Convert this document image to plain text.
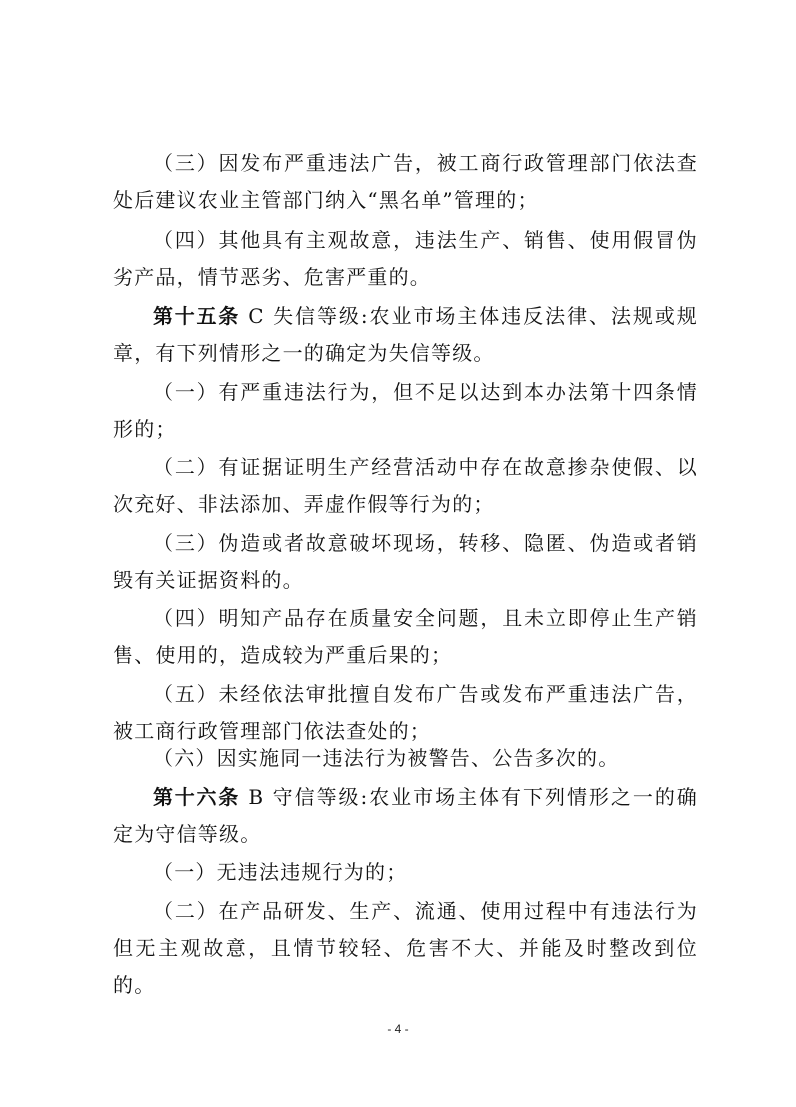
（三）因发布严重违法广告，被工商行政管理部门依法查处后建议农业主管部门纳入“黑名单”管理的；

（四）其他具有主观故意，违法生产、销售、使用假冒伪劣产品，情节恶劣、危害严重的。

第十五条 C 失信等级:农业市场主体违反法律、法规或规章，有下列情形之一的确定为失信等级。

（一）有严重违法行为，但不足以达到本办法第十四条情形的；

（二）有证据证明生产经营活动中存在故意掺杂使假、以次充好、非法添加、弄虚作假等行为的；

（三）伪造或者故意破坏现场，转移、隐匿、伪造或者销毁有关证据资料的。

（四）明知产品存在质量安全问题，且未立即停止生产销售、使用的，造成较为严重后果的；

（五）未经依法审批擅自发布广告或发布严重违法广告，被工商行政管理部门依法查处的；

（六）因实施同一违法行为被警告、公告多次的。

第十六条 B 守信等级:农业市场主体有下列情形之一的确定为守信等级。

（一）无违法违规行为的；

（二）在产品研发、生产、流通、使用过程中有违法行为但无主观故意，且情节较轻、危害不大、并能及时整改到位的。

- 4 -
